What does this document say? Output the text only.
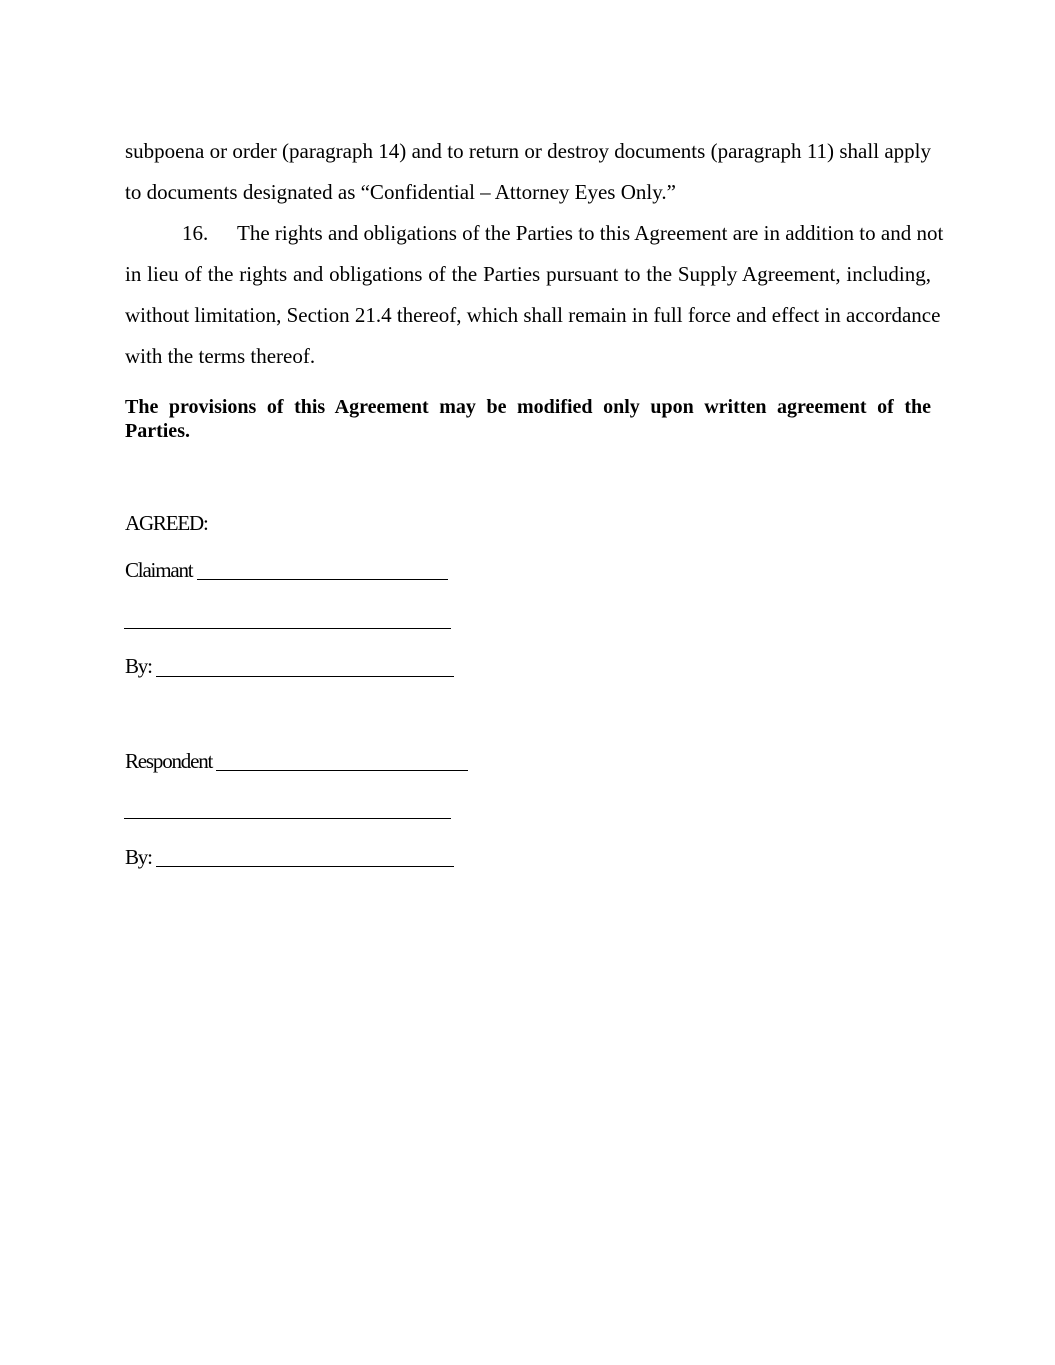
subpoena or order (paragraph 14) and to return or destroy documents (paragraph 11) shall apply
to documents designated as “Confidential – Attorney Eyes Only.”
16. The rights and obligations of the Parties to this Agreement are in addition to and not
in lieu of the rights and obligations of the Parties pursuant to the Supply Agreement, including,
without limitation, Section 21.4 thereof, which shall remain in full force and effect in accordance
with the terms thereof.
The provisions of this Agreement may be modified only upon written agreement of the
Parties.
AGREED:
Claimant
By:
Respondent
By:
